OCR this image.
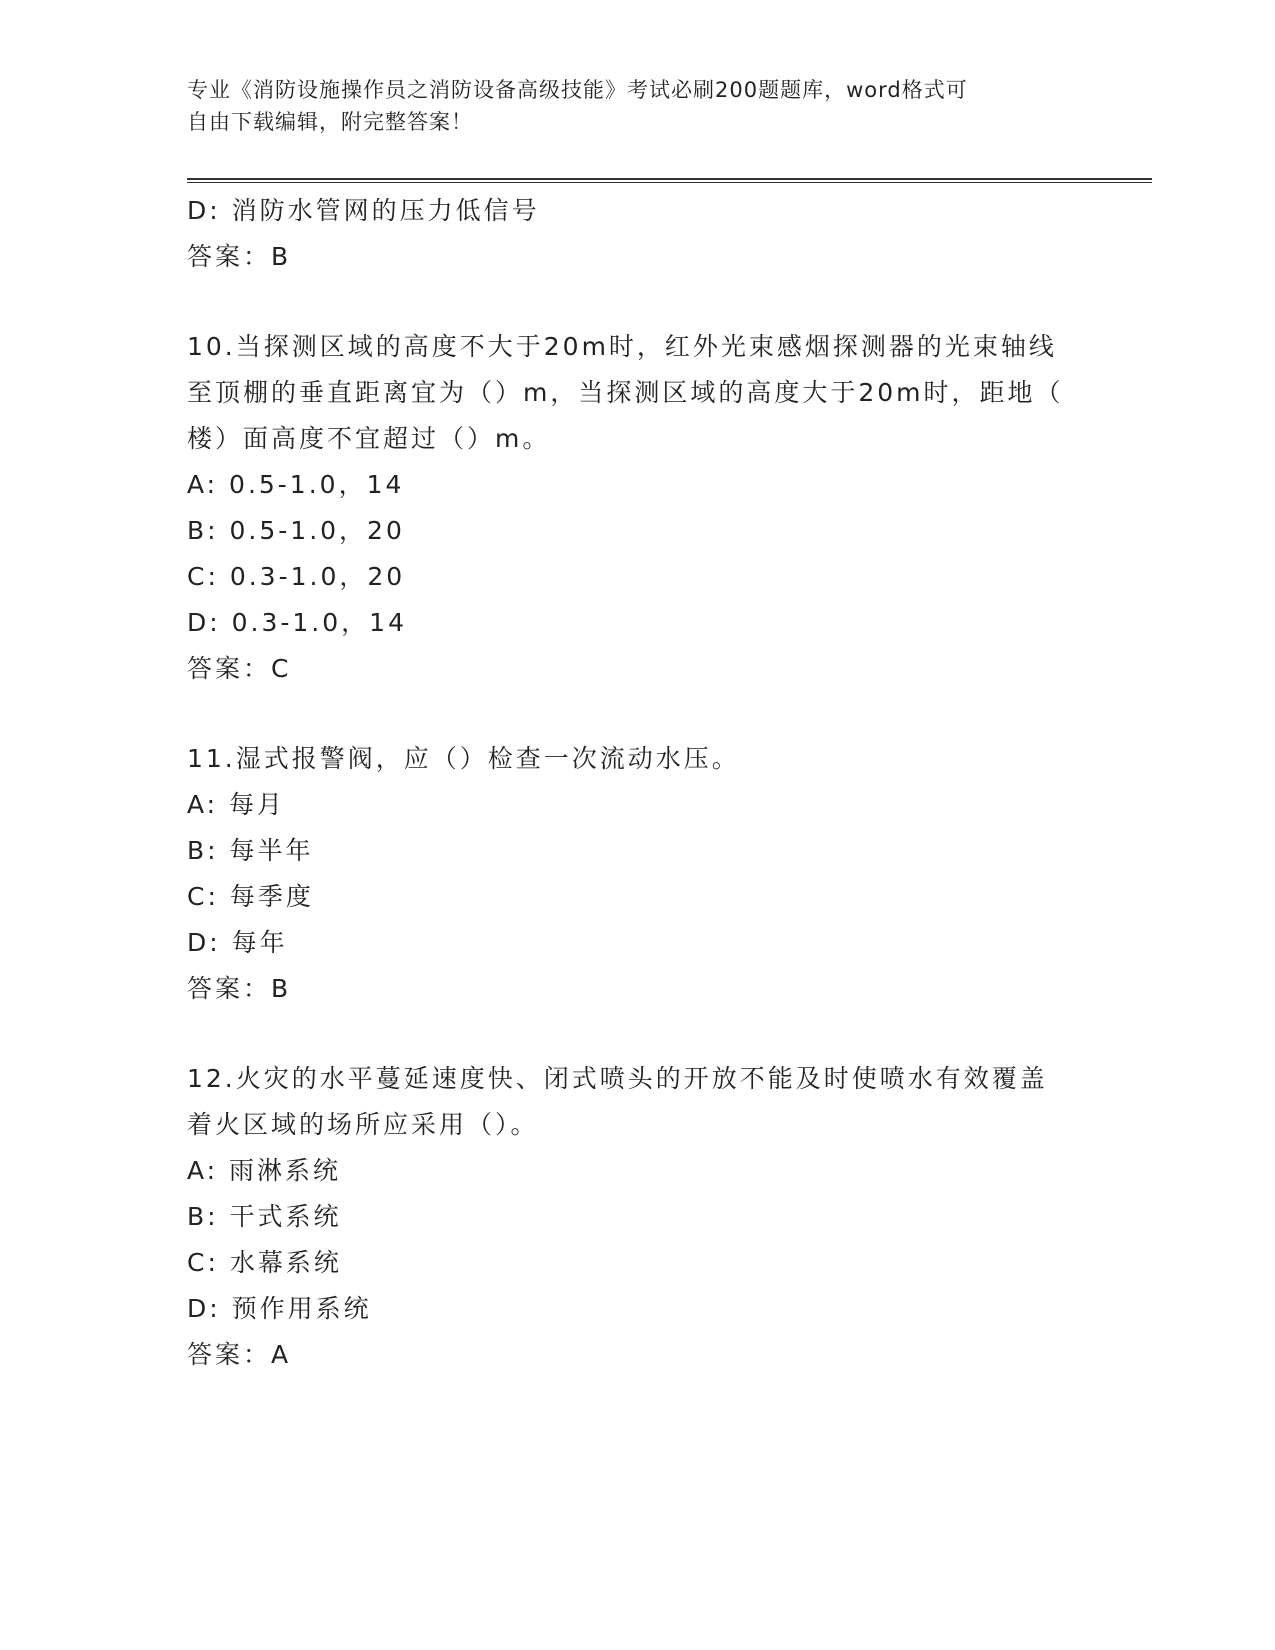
专业《消防设施操作员之消防设备高级技能》考试必刷200题题库，word格式可
自由下载编辑，附完整答案！
D: 消防水管网的压力低信号
答案：B
10.当探测区域的高度不大于20m时，红外光束感烟探测器的光束轴线
至顶棚的垂直距离宜为（）m，当探测区域的高度大于20m时，距地（
楼）面高度不宜超过（）m。
A: 0.5-1.0，14
B: 0.5-1.0，20
C: 0.3-1.0，20
D: 0.3-1.0，14
答案：C
11.湿式报警阀，应（）检查一次流动水压。
A: 每月
B: 每半年
C: 每季度
D: 每年
答案：B
12.火灾的水平蔓延速度快、闭式喷头的开放不能及时使喷水有效覆盖
着火区域的场所应采用（）。
A: 雨淋系统
B: 干式系统
C: 水幕系统
D: 预作用系统
答案：A
